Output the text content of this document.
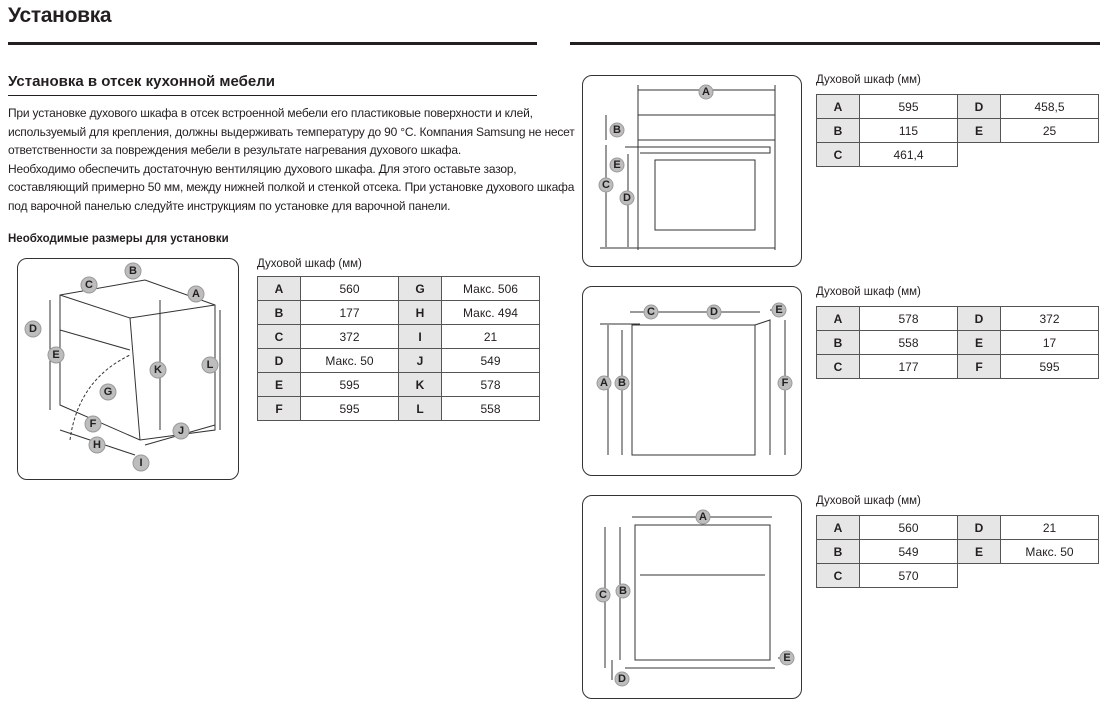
Установка
Установка в отсек кухонной мебели
При установке духового шкафа в отсек встроенной мебели его пластиковые поверхности и клей,
используемый для крепления, должны выдерживать температуру до 90 °C. Компания Samsung не несет
ответственности за повреждения мебели в результате нагревания духового шкафа.
Необходимо обеспечить достаточную вентиляцию духового шкафа. Для этого оставьте зазор,
составляющий примерно 50 мм, между нижней полкой и стенкой отсека. При установке духового шкафа
под варочной панелью следуйте инструкциям по установке для варочной панели.
Необходимые размеры для установки
A
B
C
D
E
F
G
H
I
J
K	L
A
B
C
D
E
A B
C	D	E
F
A
B
C
D
E
Духовой шкаф (мм)
A	560	G	Макс. 506
B	177	H	Макс. 494
C	372	I	21
D	Макс. 50	J	549
E	595	K	578
F	595	L	558
Духовой шкаф (мм)
A	595	D	458,5
B	115	E	25
C	461,4		
Духовой шкаф (мм)
A	578	D	372
B	558	E	17
C	177	F	595
Духовой шкаф (мм)
A	560	D	21
B	549	E	Макс. 50
C	570		
